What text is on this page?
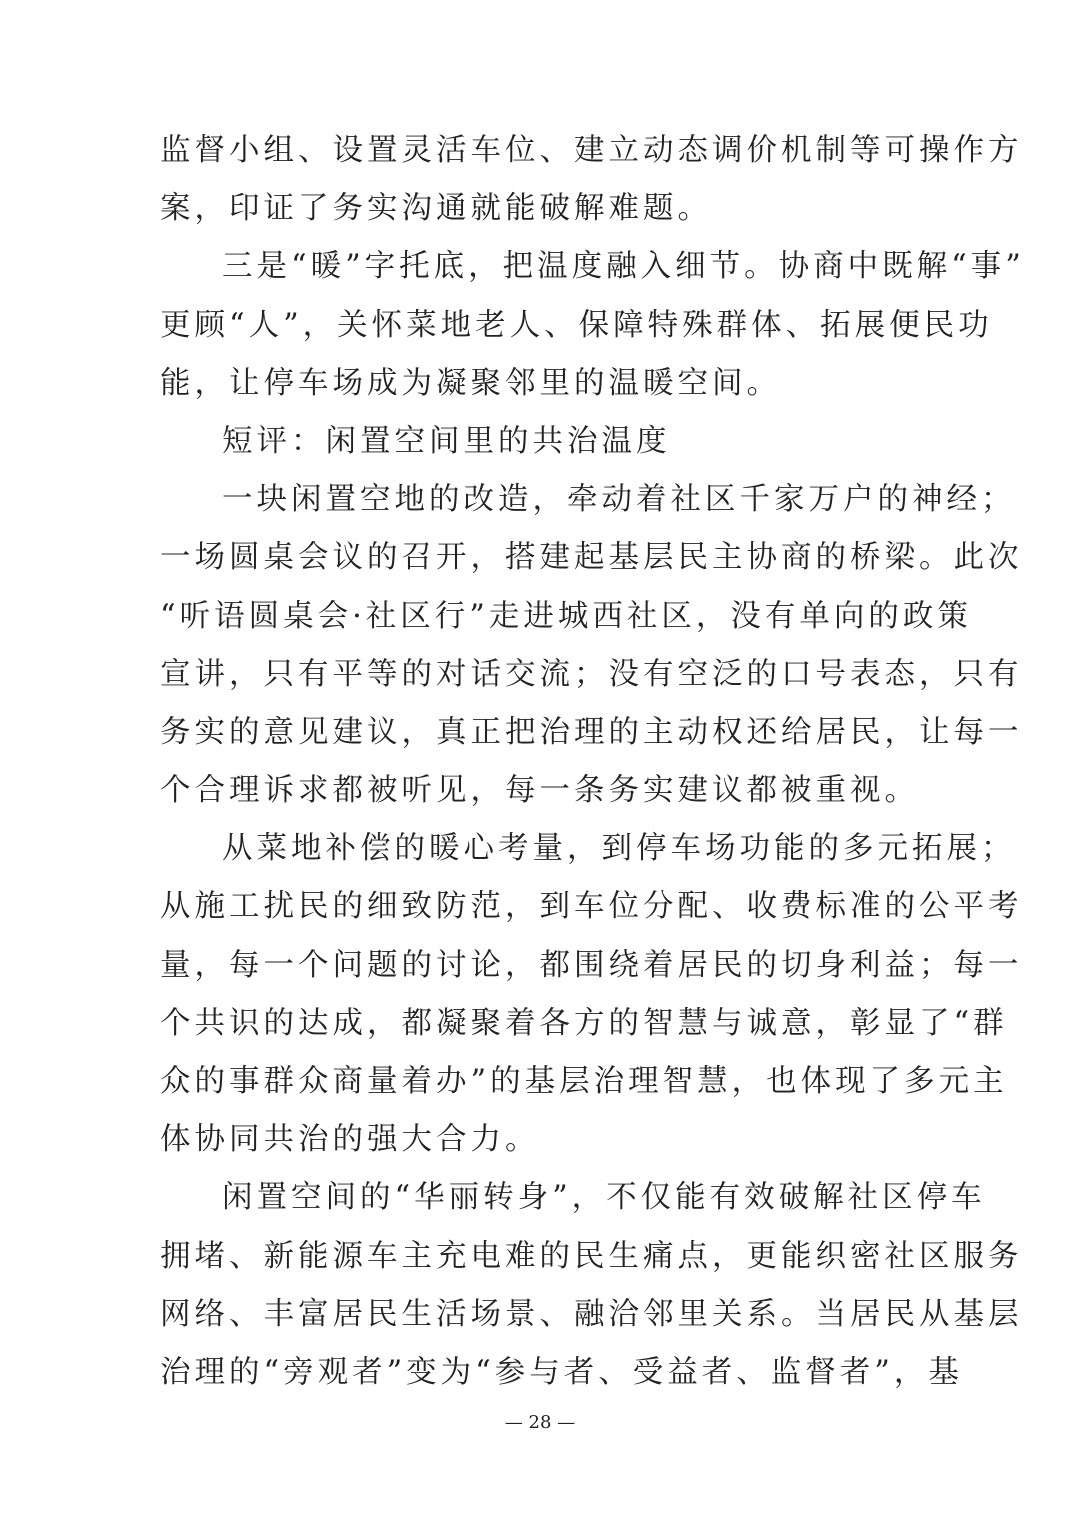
监督小组、设置灵活车位、建立动态调价机制等可操作方
案，印证了务实沟通就能破解难题。
三是“暖”字托底，把温度融入细节。协商中既解“事”
更顾“人”，关怀菜地老人、保障特殊群体、拓展便民功
能，让停车场成为凝聚邻里的温暖空间。
短评：闲置空间里的共治温度
一块闲置空地的改造，牵动着社区千家万户的神经；
一场圆桌会议的召开，搭建起基层民主协商的桥梁。此次
“听语圆桌会·社区行”走进城西社区，没有单向的政策
宣讲，只有平等的对话交流；没有空泛的口号表态，只有
务实的意见建议，真正把治理的主动权还给居民，让每一
个合理诉求都被听见，每一条务实建议都被重视。
从菜地补偿的暖心考量，到停车场功能的多元拓展；
从施工扰民的细致防范，到车位分配、收费标准的公平考
量，每一个问题的讨论，都围绕着居民的切身利益；每一
个共识的达成，都凝聚着各方的智慧与诚意，彰显了“群
众的事群众商量着办”的基层治理智慧，也体现了多元主
体协同共治的强大合力。
闲置空间的“华丽转身”，不仅能有效破解社区停车
拥堵、新能源车主充电难的民生痛点，更能织密社区服务
网络、丰富居民生活场景、融洽邻里关系。当居民从基层
治理的“旁观者”变为“参与者、受益者、监督者”，基
— 28 —
